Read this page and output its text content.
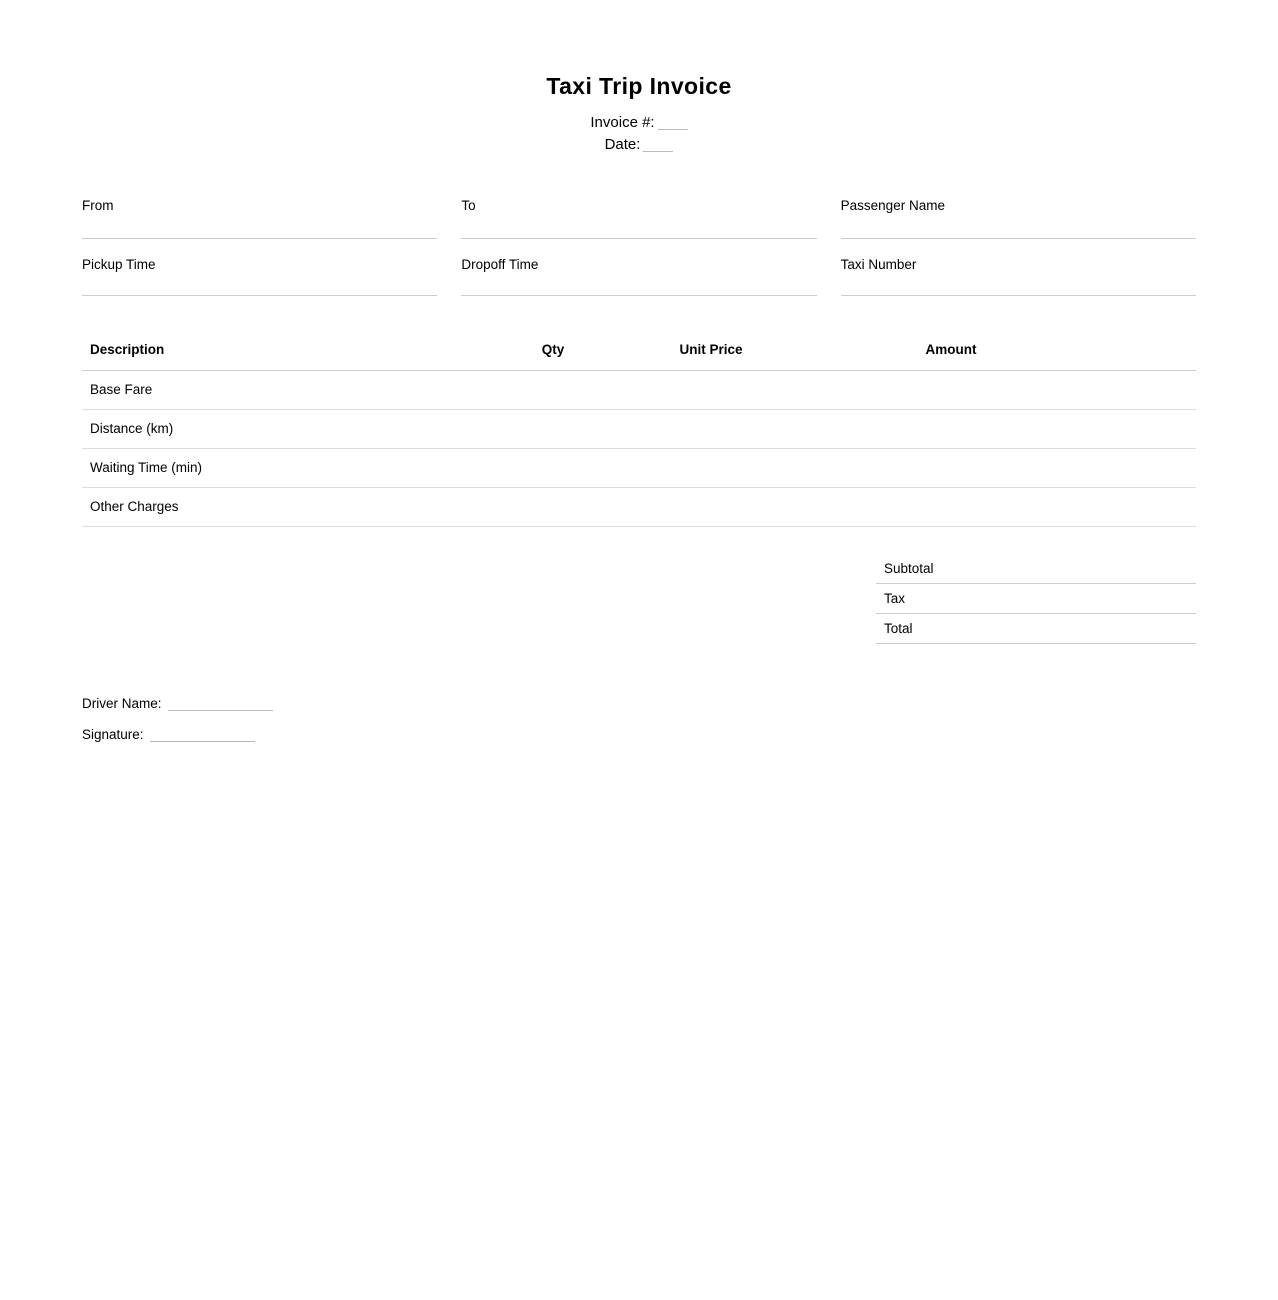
Taxi Trip Invoice
Invoice #:
Date:
From	To	Passenger Name
Pickup Time	Dropoff Time	Taxi Number
Description	Qty	Unit Price	Amount
Base Fare			
Distance (km)			
Waiting Time (min)			
Other Charges			
Subtotal	
Tax	
Total	
Driver Name:
Signature:
